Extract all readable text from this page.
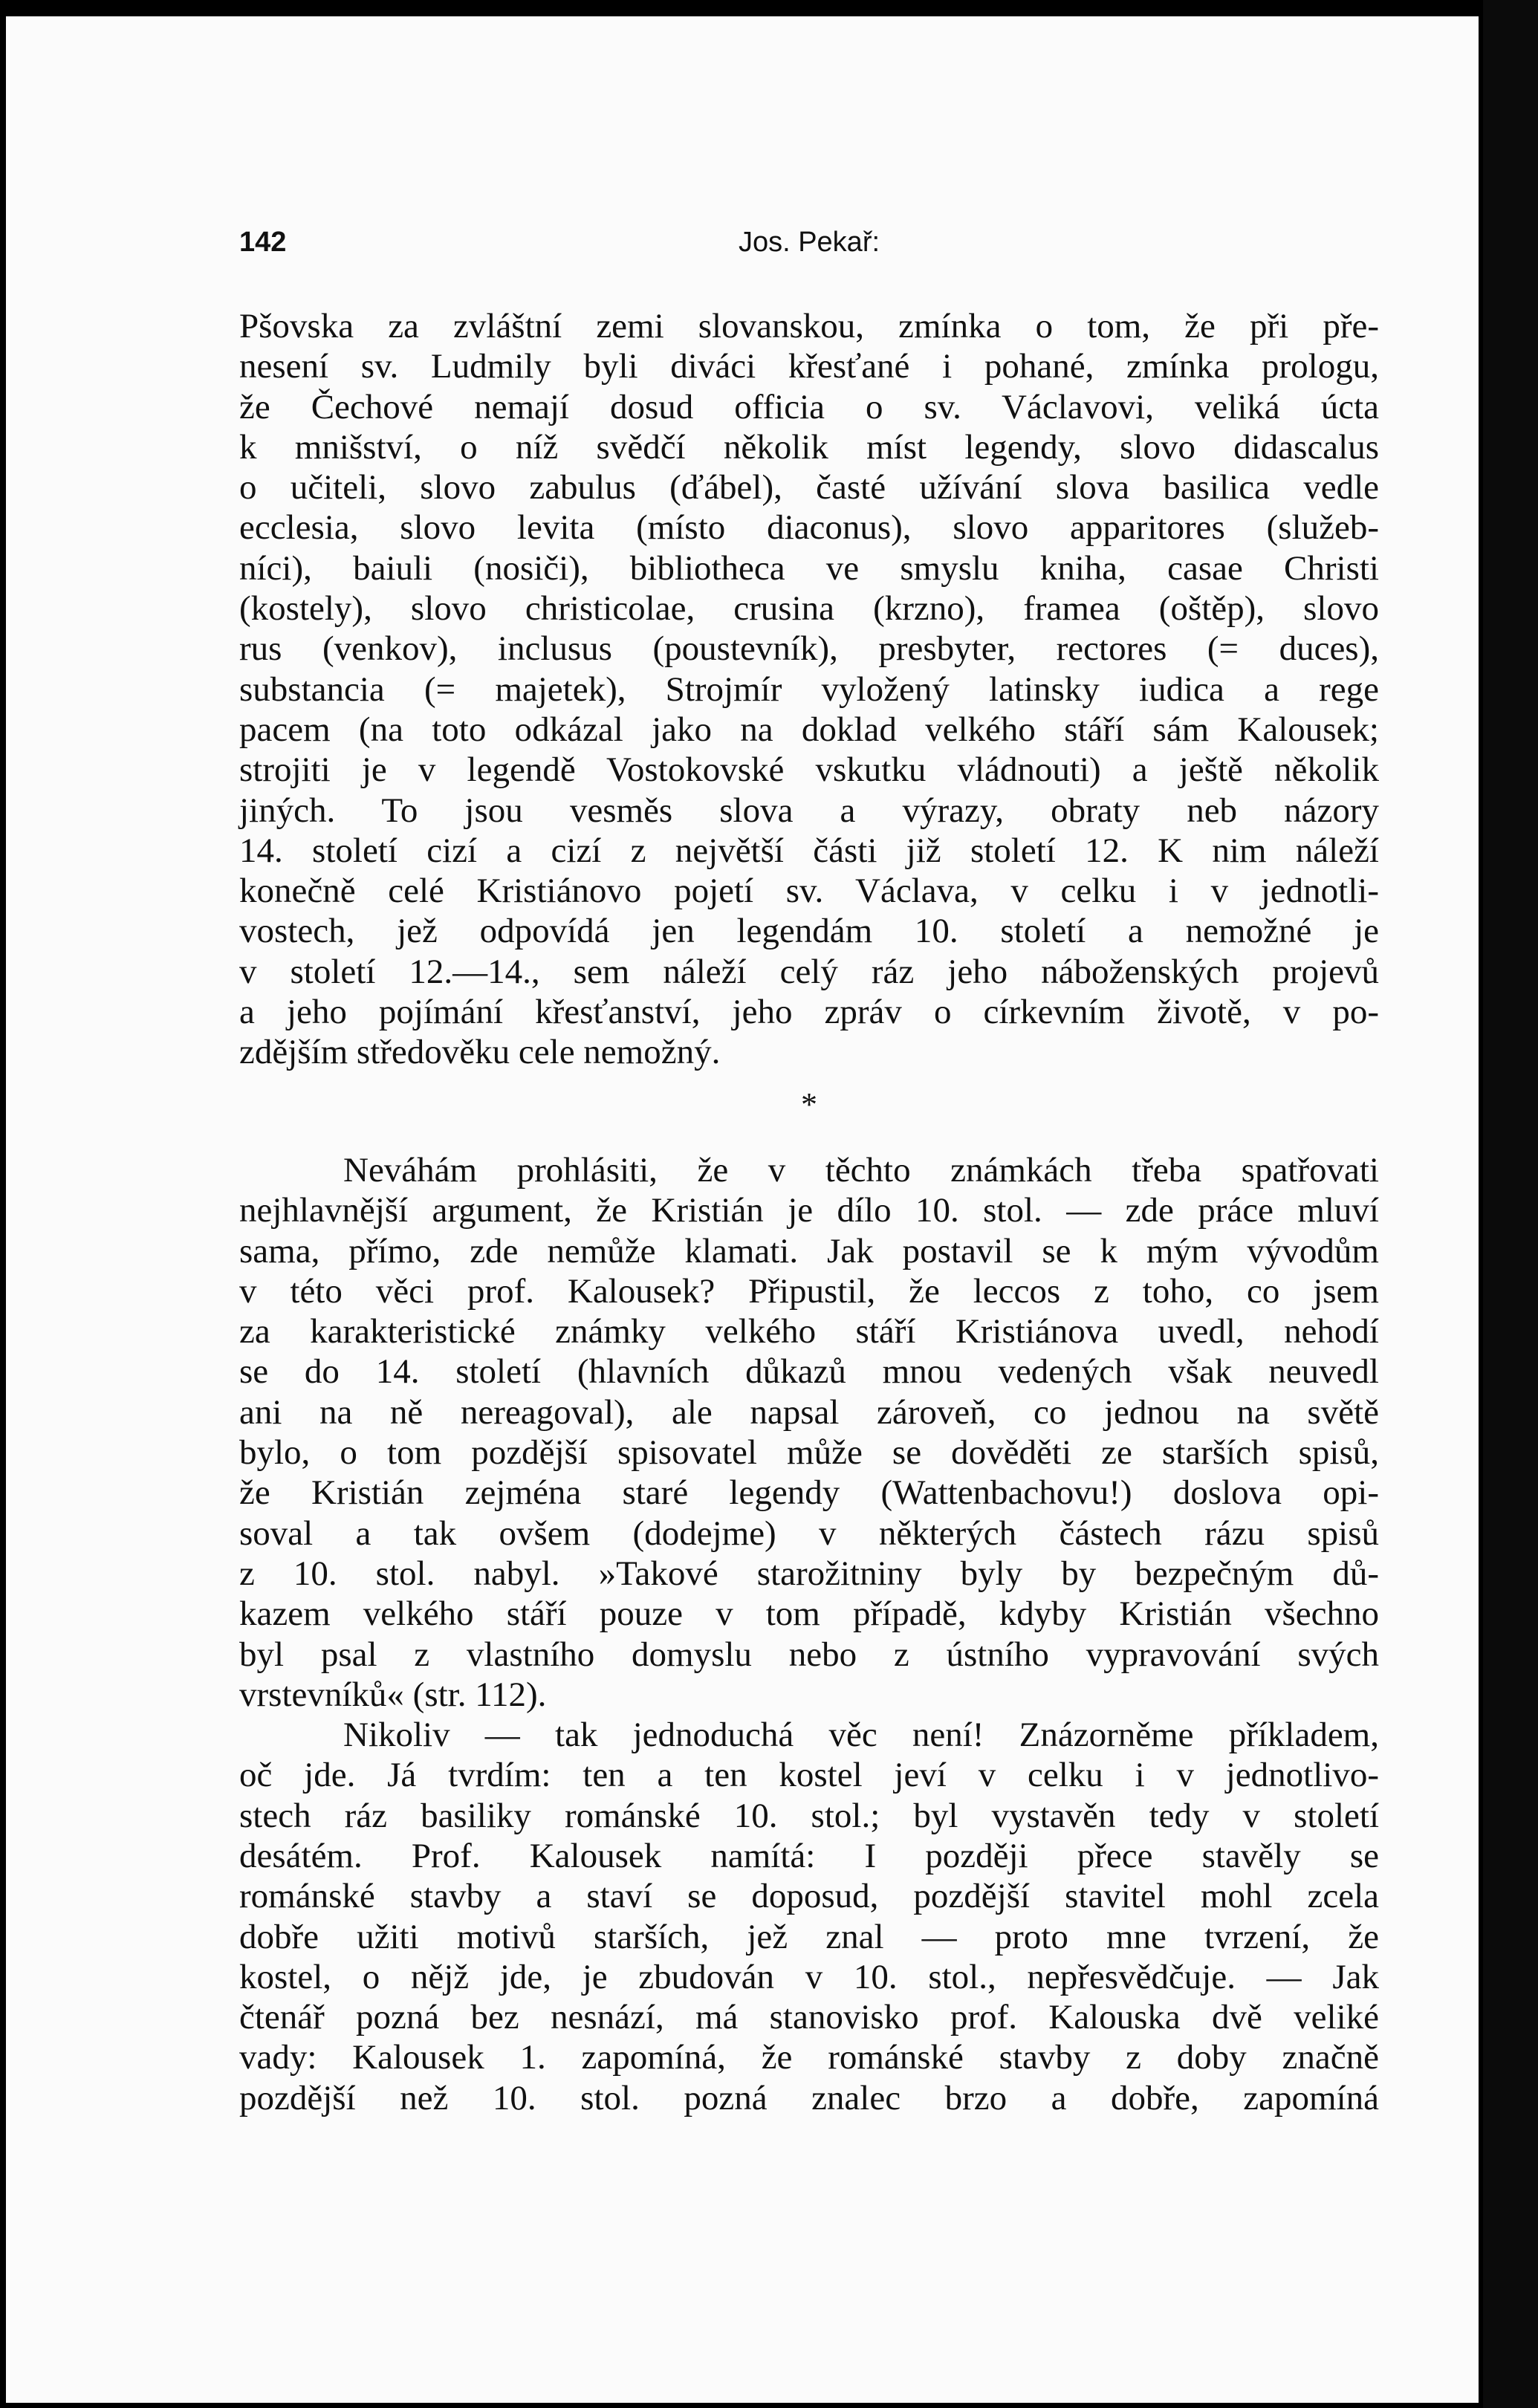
142	Jos. Pekař:

Pšovska za zvláštní zemi slovanskou, zmínka o tom, že při pře-
nesení sv. Ludmily byli diváci křesťané i pohané, zmínka prologu,
že Čechové nemají dosud officia o sv. Václavovi, veliká úcta
k mnišství, o níž svědčí několik míst legendy, slovo didascalus
o učiteli, slovo zabulus (ďábel), časté užívání slova basilica vedle
ecclesia, slovo levita (místo diaconus), slovo apparitores (služeb-
níci), baiuli (nosiči), bibliotheca ve smyslu kniha, casae Christi
(kostely), slovo christicolae, crusina (krzno), framea (oštěp), slovo
rus (venkov), inclusus (poustevník), presbyter, rectores (= duces),
substancia (= majetek), Strojmír vyložený latinsky iudica a rege
pacem (na toto odkázal jako na doklad velkého stáří sám Kalousek;
strojiti je v legendě Vostokovské vskutku vládnouti) a ještě několik
jiných. To jsou vesměs slova a výrazy, obraty neb názory
14. století cizí a cizí z největší části již století 12. K nim náleží
konečně celé Kristiánovo pojetí sv. Václava, v celku i v jednotli-
vostech, jež odpovídá jen legendám 10. století a nemožné je
v století 12.—14., sem náleží celý ráz jeho náboženských projevů
a jeho pojímání křesťanství, jeho zpráv o církevním životě, v po-
zdějším středověku cele nemožný.

*

Neváhám prohlásiti, že v těchto známkách třeba spatřovati
nejhlavnější argument, že Kristián je dílo 10. stol. — zde práce mluví
sama, přímo, zde nemůže klamati. Jak postavil se k mým vývodům
v této věci prof. Kalousek? Připustil, že leccos z toho, co jsem
za karakteristické známky velkého stáří Kristiánova uvedl, nehodí
se do 14. století (hlavních důkazů mnou vedených však neuvedl
ani na ně nereagoval), ale napsal zároveň, co jednou na světě
bylo, o tom pozdější spisovatel může se dověděti ze starších spisů,
že Kristián zejména staré legendy (Wattenbachovu!) doslova opi-
soval a tak ovšem (dodejme) v některých částech rázu spisů
z 10. stol. nabyl. »Takové starožitniny byly by bezpečným dů-
kazem velkého stáří pouze v tom případě, kdyby Kristián všechno
byl psal z vlastního domyslu nebo z ústního vypravování svých
vrstevníků« (str. 112).

Nikoliv — tak jednoduchá věc není! Znázorněme příkladem,
oč jde. Já tvrdím: ten a ten kostel jeví v celku i v jednotlivo-
stech ráz basiliky románské 10. stol.; byl vystavěn tedy v století
desátém. Prof. Kalousek namítá: I později přece stavěly se
románské stavby a staví se doposud, pozdější stavitel mohl zcela
dobře užiti motivů starších, jež znal — proto mne tvrzení, že
kostel, o nějž jde, je zbudován v 10. stol., nepřesvědčuje. — Jak
čtenář pozná bez nesnází, má stanovisko prof. Kalouska dvě veliké
vady: Kalousek 1. zapomíná, že románské stavby z doby značně
pozdější než 10. stol. pozná znalec brzo a dobře, zapomíná
